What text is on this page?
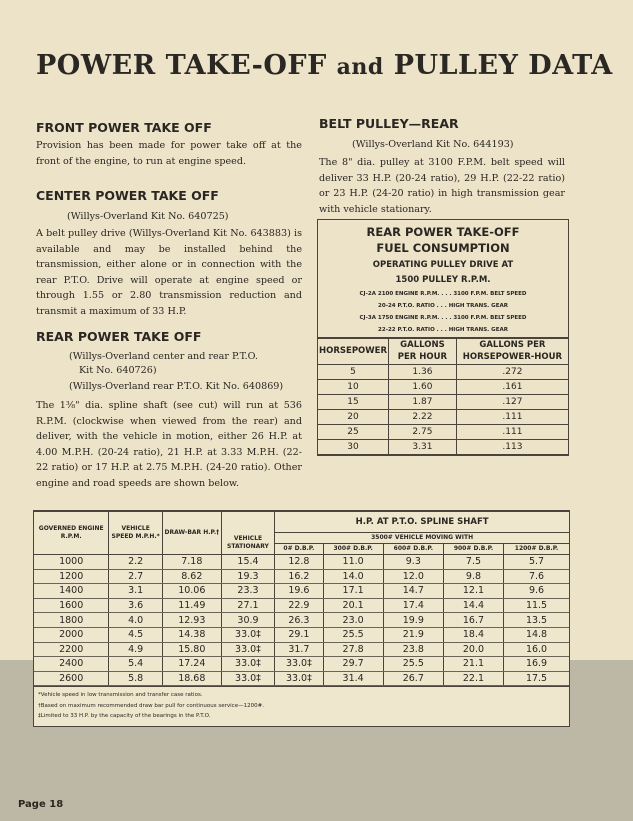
POWER TAKE-OFF and PULLEY DATA
FRONT POWER TAKE OFF
Provision has been made for power take off at the front of the engine, to run at engine speed.
CENTER POWER TAKE OFF
(Willys-Overland Kit No. 640725)
A belt pulley drive (Willys-Overland Kit No. 643883) is available and may be installed behind the transmission, either alone or in connection with the rear P.T.O. Drive will operate at engine speed or through 1.55 or 2.80 transmission reduction and transmit a maximum of 33 H.P.
REAR POWER TAKE OFF
(Willys-Overland center and rear P.T.O.
Kit No. 640726)
(Willys-Overland rear P.T.O. Kit No. 640869)
The 1⅜" dia. spline shaft (see cut) will run at 536 R.P.M. (clockwise when viewed from the rear) and deliver, with the vehicle in motion, either 26 H.P. at 4.00 M.P.H. (20-24 ratio), 21 H.P. at 3.33 M.P.H. (22-22 ratio) or 17 H.P. at 2.75 M.P.H. (24-20 ratio). Other engine and road speeds are shown below.
BELT PULLEY—REAR
(Willys-Overland Kit No. 644193)
The 8" dia. pulley at 3100 F.P.M. belt speed will deliver 33 H.P. (20-24 ratio), 29 H.P. (22-22 ratio) or 23 H.P. (24-20 ratio) in high transmission gear with vehicle stationary.
REAR POWER TAKE-OFF
FUEL CONSUMPTION
OPERATING PULLEY DRIVE AT
1500 PULLEY R.P.M.
CJ-2A 2100 ENGINE R.P.M. . . . 3100 F.P.M. BELT SPEED
20-24 P.T.O. RATIO . . . HIGH TRANS. GEAR
CJ-3A 1750 ENGINE R.P.M. . . . 3100 F.P.M. BELT SPEED
22-22 P.T.O. RATIO . . . HIGH TRANS. GEAR
HORSEPOWER	GALLONS PER HOUR	GALLONS PER HORSEPOWER-HOUR
5	1.36	.272
10	1.60	.161
15	1.87	.127
20	2.22	.111
25	2.75	.111
30	3.31	.113
GOVERNED ENGINE R.P.M.	VEHICLE SPEED M.P.H.*	DRAW-BAR H.P.†		H.P. AT P.T.O. SPLINE SHAFT				
			VEHICLE STATIONARY	3500# VEHICLE MOVING WITH				
				0# D.B.P.	300# D.B.P.	600# D.B.P.	900# D.B.P.	1200# D.B.P.
1000	2.2	7.18	15.4	12.8	11.0	9.3	7.5	5.7
1200	2.7	8.62	19.3	16.2	14.0	12.0	9.8	7.6
1400	3.1	10.06	23.3	19.6	17.1	14.7	12.1	9.6
1600	3.6	11.49	27.1	22.9	20.1	17.4	14.4	11.5
1800	4.0	12.93	30.9	26.3	23.0	19.9	16.7	13.5
2000	4.5	14.38	33.0‡	29.1	25.5	21.9	18.4	14.8
2200	4.9	15.80	33.0‡	31.7	27.8	23.8	20.0	16.0
2400	5.4	17.24	33.0‡	33.0‡	29.7	25.5	21.1	16.9
2600	5.8	18.68	33.0‡	33.0‡	31.4	26.7	22.1	17.5
*Vehicle speed in low transmission and transfer case ratios.
†Based on maximum recommended draw bar pull for continuous service—1200#.
‡Limited to 33 H.P. by the capacity of the bearings in the P.T.O.
Page 18
